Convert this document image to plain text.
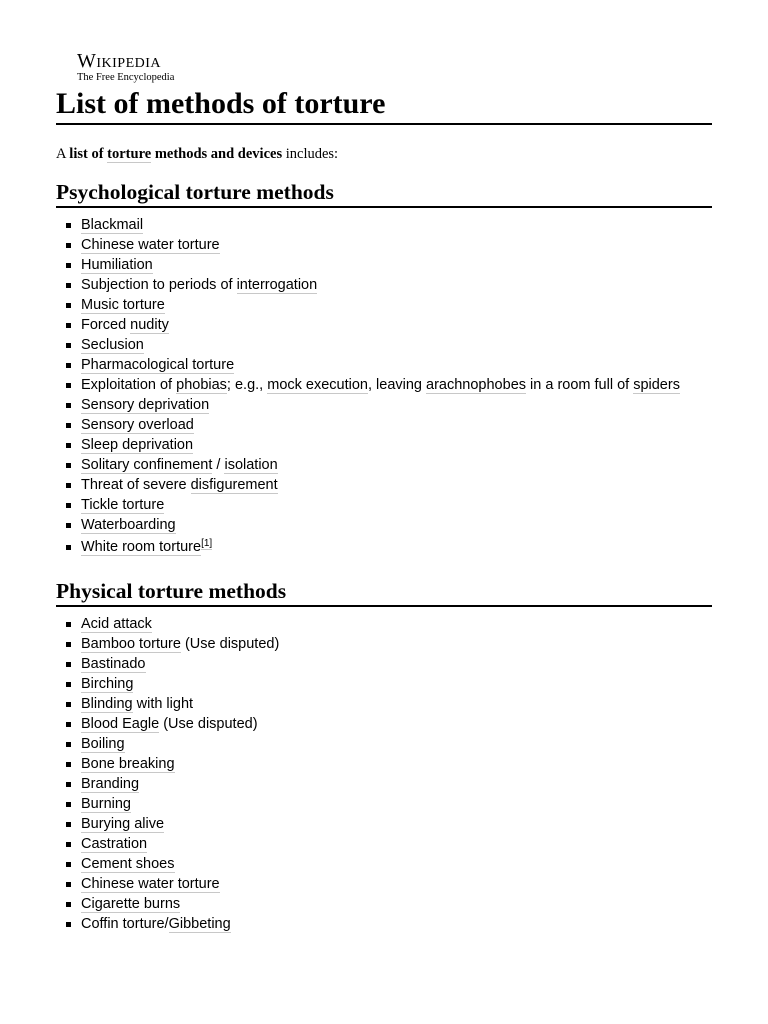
Wikipedia
The Free Encyclopedia
List of methods of torture

A list of torture methods and devices includes:

Psychological torture methods
Blackmail
Chinese water torture
Humiliation
Subjection to periods of interrogation
Music torture
Forced nudity
Seclusion
Pharmacological torture
Exploitation of phobias; e.g., mock execution, leaving arachnophobes in a room full of spiders
Sensory deprivation
Sensory overload
Sleep deprivation
Solitary confinement / isolation
Threat of severe disfigurement
Tickle torture
Waterboarding
White room torture[1]
Physical torture methods
Acid attack
Bamboo torture (Use disputed)
Bastinado
Birching
Blinding with light
Blood Eagle (Use disputed)
Boiling
Bone breaking
Branding
Burning
Burying alive
Castration
Cement shoes
Chinese water torture
Cigarette burns
Coffin torture/Gibbeting
